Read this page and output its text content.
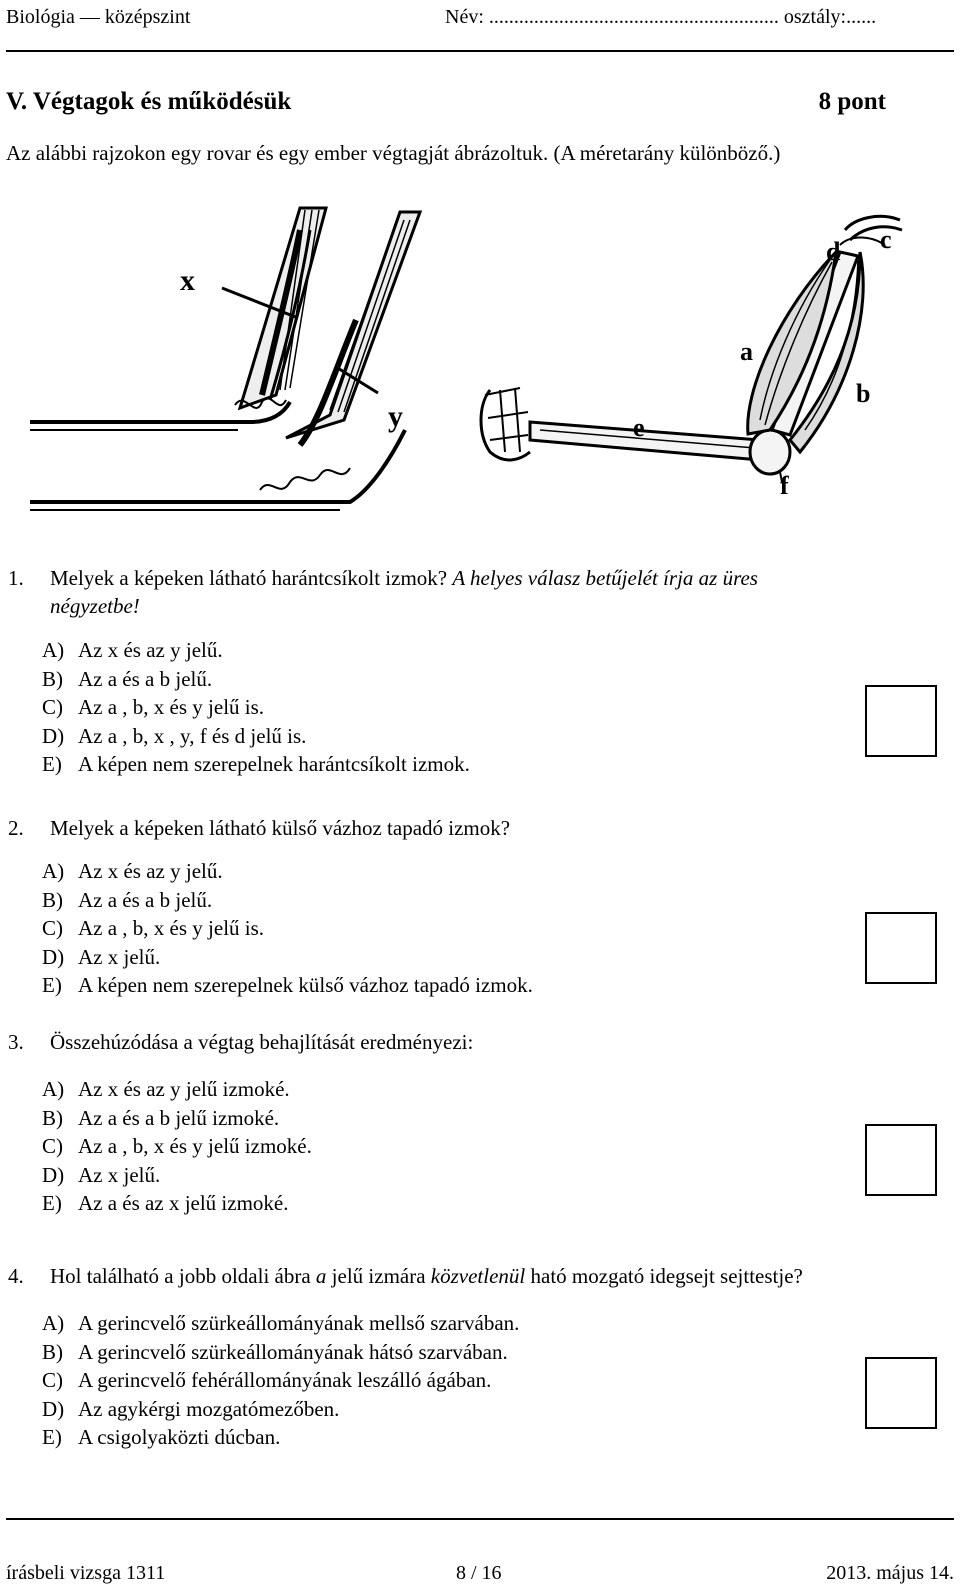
Biológia — középszint	Név: .......................................................... osztály:......
V. Végtagok és működésük	8 pont
Az alábbi rajzokon egy rovar és egy ember végtagját ábrázoltuk. (A méretarány különböző.)
x
y
d c
a
b
e
f
1. Melyek a képeken látható harántcsíkolt izmok? A helyes válasz betűjelét írja az üres
négyzetbe!
A) Az x és az y jelű.
B) Az a és a b jelű.
C) Az a , b, x és y jelű is.
D) Az a , b, x , y, f és d jelű is.
E) A képen nem szerepelnek harántcsíkolt izmok.
2. Melyek a képeken látható külső vázhoz tapadó izmok?
A) Az x és az y jelű.
B) Az a és a b jelű.
C) Az a , b, x és y jelű is.
D) Az x jelű.
E) A képen nem szerepelnek külső vázhoz tapadó izmok.
3. Összehúzódása a végtag behajlítását eredményezi:
A) Az x és az y jelű izmoké.
B) Az a és a b jelű izmoké.
C) Az a , b, x és y jelű izmoké.
D) Az x jelű.
E) Az a és az x jelű izmoké.
4. Hol található a jobb oldali ábra a jelű izmára közvetlenül ható mozgató idegsejt sejttestje?
A) A gerincvelő szürkeállományának mellső szarvában.
B) A gerincvelő szürkeállományának hátsó szarvában.
C) A gerincvelő fehérállományának leszálló ágában.
D) Az agykérgi mozgatómezőben.
E) A csigolyaközti dúcban.
írásbeli vizsga 1311	8 / 16	2013. május 14.
